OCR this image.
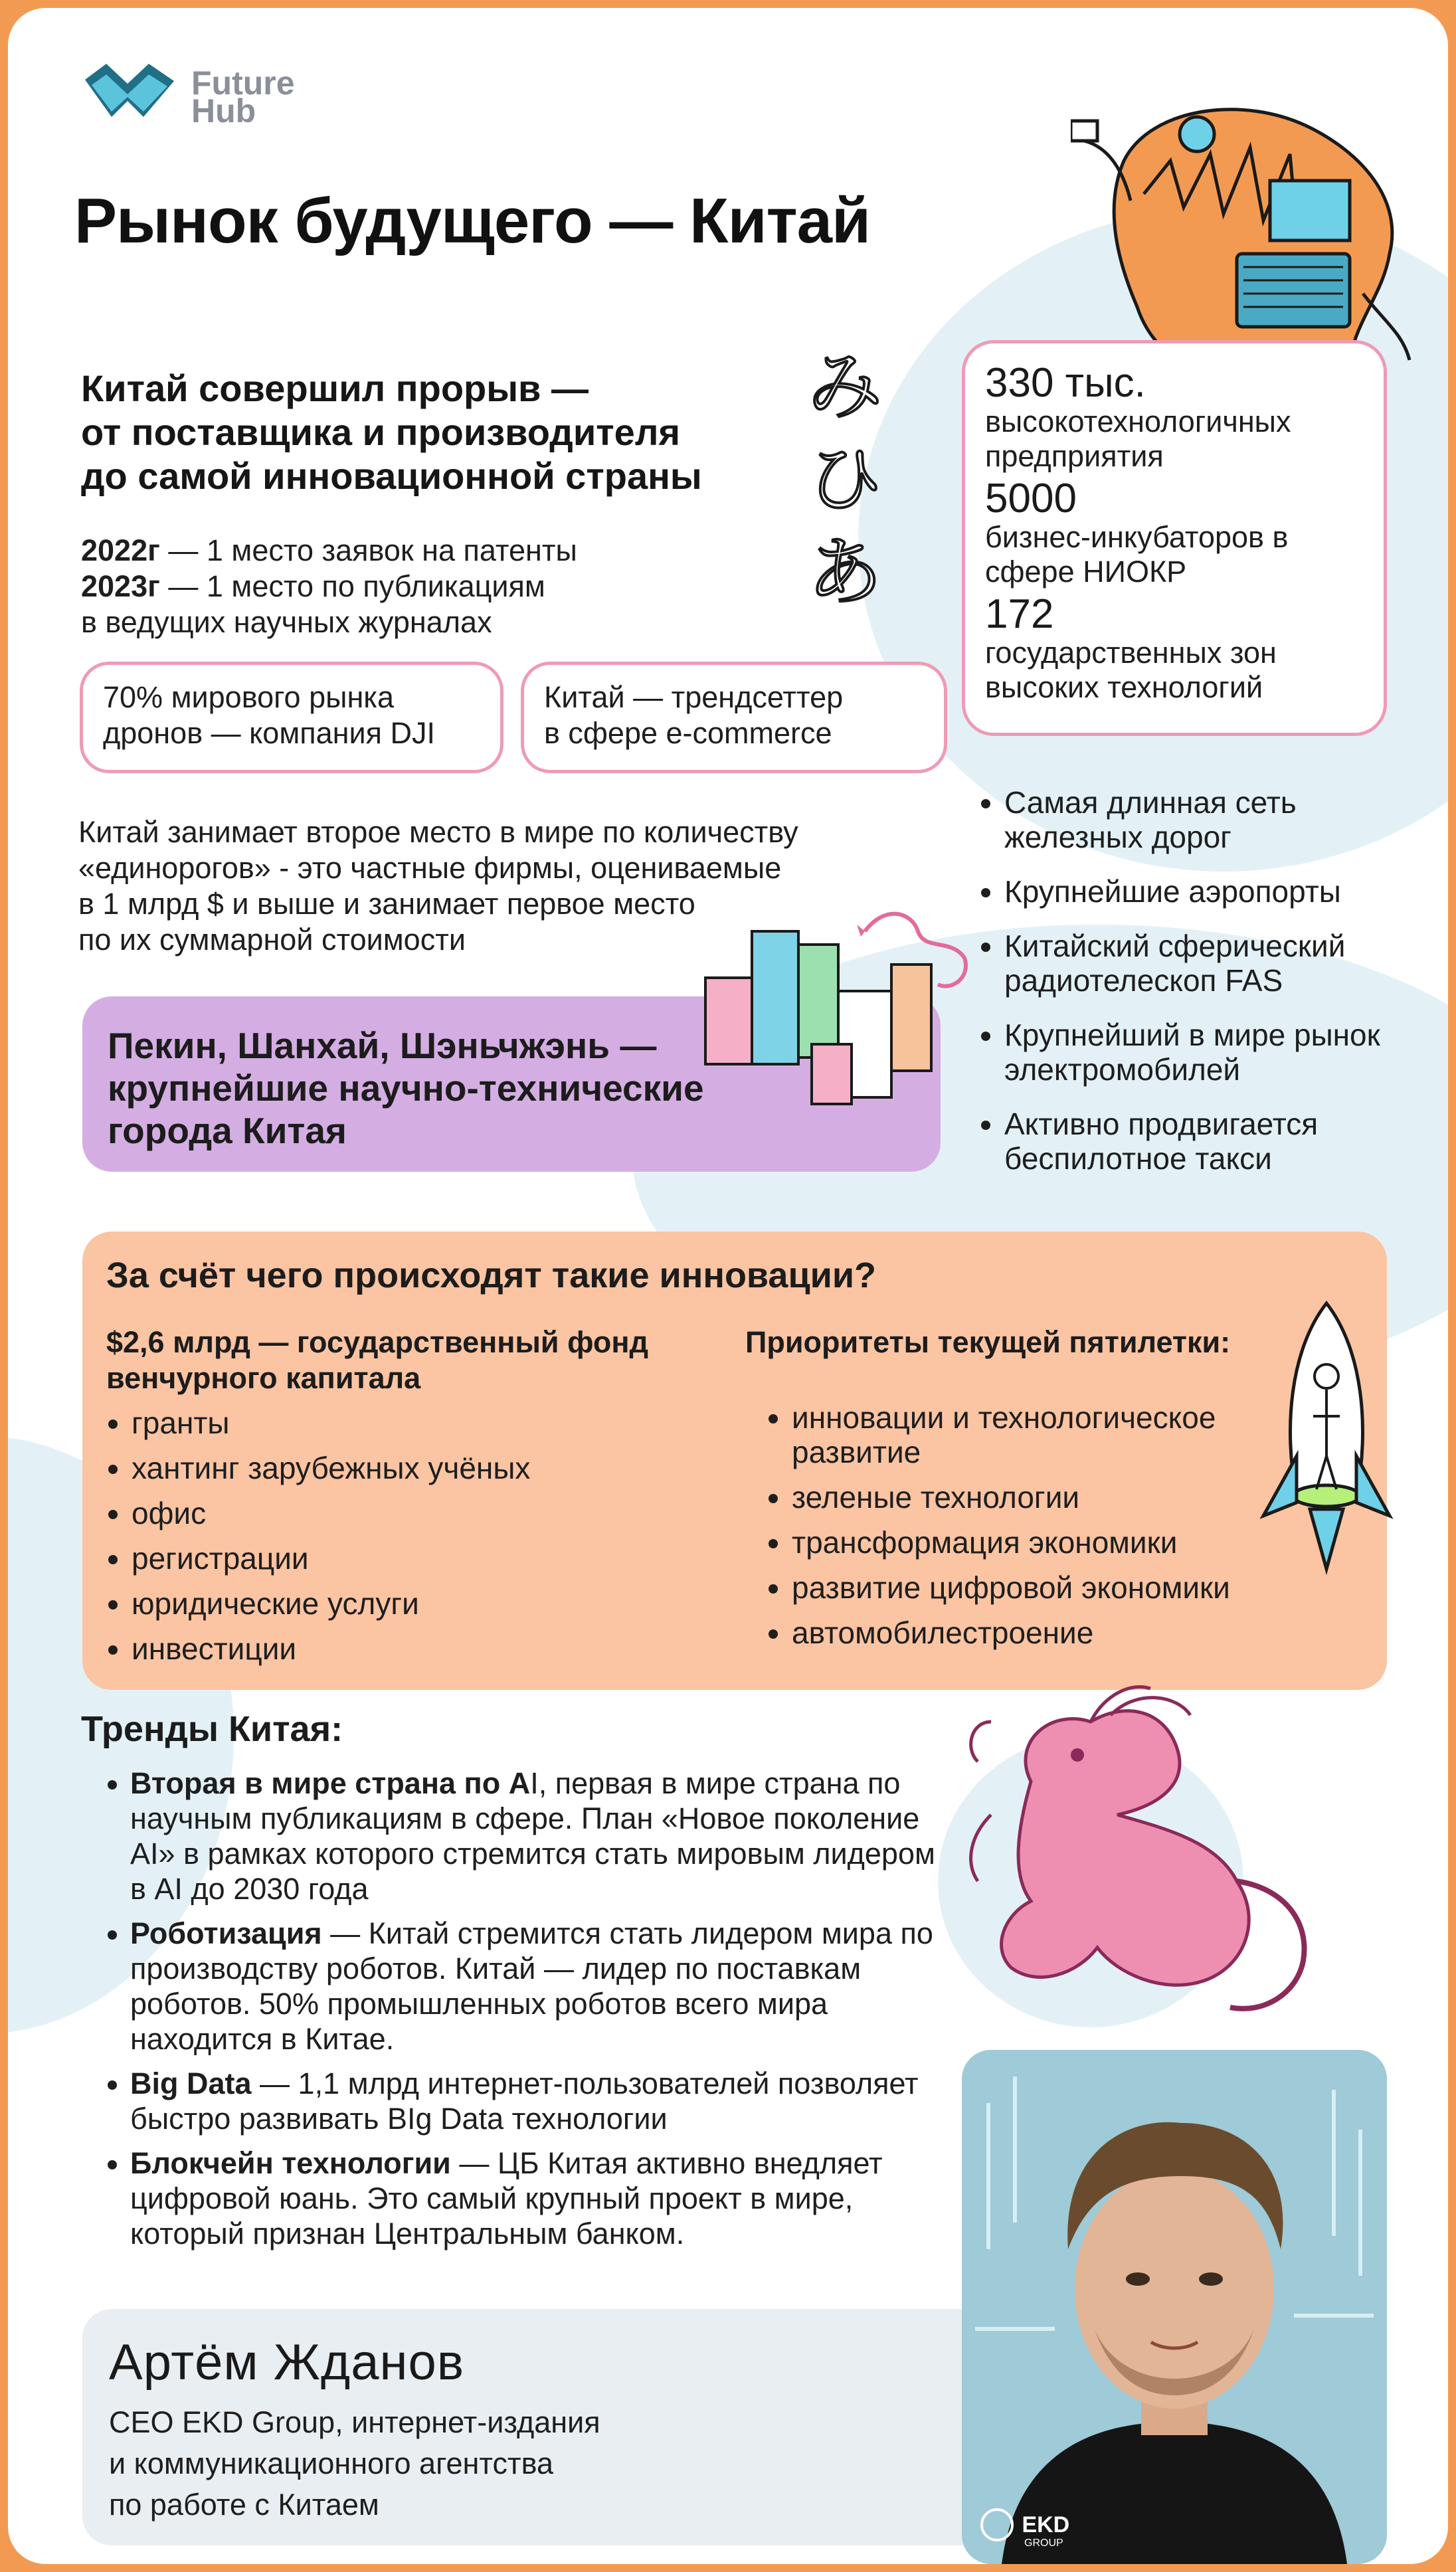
Future
Hub
Рынок будущего — Китай
Китай совершил прорыв —
от поставщика и производителя
до самой инновационной страны
2022г — 1 место заявок на патенты
2023г — 1 место по публикациям
в ведущих научных журналах
み
ひ
あ
330 тыс.
высокотехнологичных предприятия
5000
бизнес-инкубаторов в сфере НИОКР
172
государственных зон высоких технологий
70% мирового рынка
дронов — компания DJI
Китай — трендсеттер
в сфере e-commerce
Китай занимает второе место в мире по количеству
«единорогов» - это частные фирмы, оцениваемые
в 1 млрд $ и выше и занимает первое место
по их суммарной стоимости
Пекин, Шанхай, Шэньчжэнь —
крупнейшие научно-технические
города Китая
• Самая длинная сеть железных дорог
• Крупнейшие аэропорты
• Китайский сферический радиотелескоп FAS
• Крупнейший в мире рынок электромобилей
• Активно продвигается беспилотное такси
За счёт чего происходят такие инновации?
$2,6 млрд — государственный фонд венчурного капитала
• гранты
• хантинг зарубежных учёных
• офис
• регистрации
• юридические услуги
• инвестиции
Приоритеты текущей пятилетки:
• инновации и технологическое развитие
• зеленые технологии
• трансформация экономики
• развитие цифровой экономики
• автомобилестроение
Тренды Китая:
• Вторая в мире страна по AI, первая в мире страна по научным публикациям в сфере. План «Новое поколение AI» в рамках которого стремится стать мировым лидером в AI до 2030 года
• Роботизация — Китай стремится стать лидером мира по производству роботов. Китай — лидер по поставкам роботов. 50% промышленных роботов всего мира находится в Китае.
• Big Data — 1,1 млрд интернет-пользователей позволяет быстро развивать BIg Data технологии
• Блокчейн технологии — ЦБ Китая активно внедляет цифровой юань. Это самый крупный проект в мире, который признан Центральным банком.
Артём Жданов
CEO EKD Group, интернет-издания
и коммуникационного агентства
по работе с Китаем
EKD
GROUP
